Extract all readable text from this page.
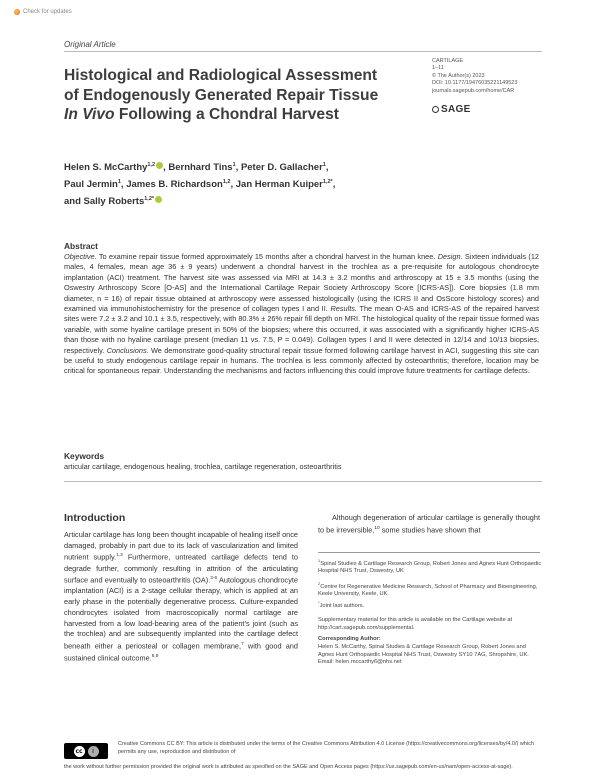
Check for updates
Original Article
CARTILAGE
1–11
© The Author(s) 2023
DOI: 10.1177/19476035221149523
journals.sagepub.com/home/CAR
SAGE
Histological and Radiological Assessment
of Endogenously Generated Repair Tissue
In Vivo Following a Chondral Harvest
Helen S. McCarthy$^{1,2}$ , Bernhard Tins$^1$, Peter D. Gallacher$^1$,
Paul Jermin$^1$, James B. Richardson$^{1,2}$, Jan Herman Kuiper$^{1,2*}$,
and Sally Roberts$^{1,2*}$
Abstract
Objective. To examine repair tissue formed approximately 15 months after a chondral harvest in the human knee. Design. Sixteen individuals (12 males, 4 females, mean age 36 ± 9 years) underwent a chondral harvest in the trochlea as a pre-requisite for autologous chondrocyte implantation (ACI) treatment. The harvest site was assessed via MRI at 14.3 ± 3.2 months and arthroscopy at 15 ± 3.5 months (using the Oswestry Arthroscopy Score [O-AS] and the International Cartilage Repair Society Arthroscopy Score [ICRS-AS]). Core biopsies (1.8 mm diameter, n = 16) of repair tissue obtained at arthroscopy were assessed histologically (using the ICRS II and OsScore histology scores) and examined via immunohistochemistry for the presence of collagen types I and II. Results. The mean O-AS and ICRS-AS of the repaired harvest sites were 7.2 ± 3.2 and 10.1 ± 3.5, respectively, with 80.3% ± 26% repair fill depth on MRI. The histological quality of the repair tissue formed was variable, with some hyaline cartilage present in 50% of the biopsies; where this occurred, it was associated with a significantly higher ICRS-AS than those with no hyaline cartilage present (median 11 vs. 7.5, P = 0.049). Collagen types I and II were detected in 12/14 and 10/13 biopsies, respectively. Conclusions. We demonstrate good-quality structural repair tissue formed following cartilage harvest in ACI, suggesting this site can be useful to study endogenous cartilage repair in humans. The trochlea is less commonly affected by osteoarthritis; therefore, location may be critical for spontaneous repair. Understanding the mechanisms and factors influencing this could improve future treatments for cartilage defects.
Keywords
articular cartilage, endogenous healing, trochlea, cartilage regeneration, osteoarthritis
Introduction
Articular cartilage has long been thought incapable of healing itself once damaged, probably in part due to its lack of vascularization and limited nutrient supply.$^{1,2}$ Furthermore, untreated cartilage defects tend to degrade further, commonly resulting in attrition of the articulating surface and eventually to osteoarthritis (OA).$^{3-6}$ Autologous chondrocyte implantation (ACI) is a 2-stage cellular therapy, which is applied at an early phase in the potentially degenerative process. Culture-expanded chondrocytes isolated from macroscopically normal cartilage are harvested from a low load-bearing area of the patient’s joint (such as the trochlea) and are subsequently implanted into the cartilage defect beneath either a periosteal or collagen membrane,$^7$ with good and sustained clinical outcome.$^{8,9}$
Although degeneration of articular cartilage is generally thought to be irreversible,$^{10}$ some studies have shown that

$^1$Spinal Studies & Cartilage Research Group, Robert Jones and Agnes Hunt Orthopaedic Hospital NHS Trust, Oswestry, UK

$^2$Centre for Regenerative Medicine Research, School of Pharmacy and Bioengineering, Keele University, Keele, UK
*Joint last authors.

Supplementary material for this article is available on the Cartilage website at http://cart.sagepub.com/supplemental.

Corresponding Author:
Helen S. McCarthy, Spinal Studies & Cartilage Research Group, Robert Jones and Agnes Hunt Orthopaedic Hospital NHS Trust, Oswestry SY10 7AG, Shropshire, UK.
Email: helen.mccarthy6@nhs.net

cc	i
Creative Commons CC BY: This article is distributed under the terms of the Creative Commons Attribution 4.0 License (https://creativecommons.org/licenses/by/4.0/) which permits any use, reproduction and distribution of
the work without further permission provided the original work is attributed as specified on the SAGE and Open Access pages (https://us.sagepub.com/en-us/nam/open-access-at-sage).
